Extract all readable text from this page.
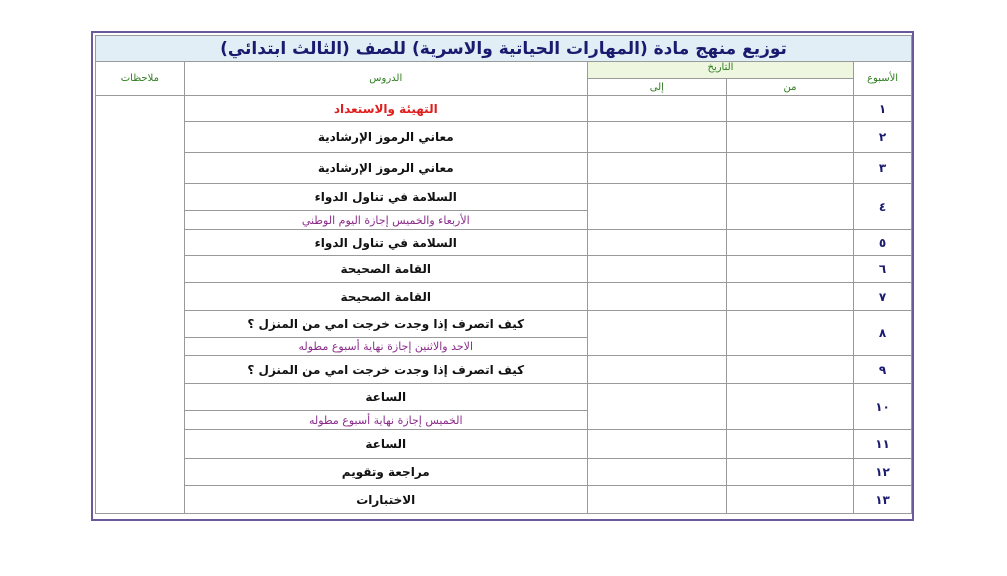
توزيع منهج مادة (المهارات الحياتية والاسرية) للصف (الثالث ابتدائي)				
الأسبوع	التاريخ		الدروس	ملاحظات
	من	إلى		
١			التهيئة والاستعداد	
٢			معاني الرموز الإرشادية	
٣			معاني الرموز الإرشادية	
٤			السلامة في تناول الدواء	
			الأربعاء والخميس إجازة اليوم الوطني	
٥			السلامة في تناول الدواء	
٦			القامة الصحيحة	
٧			القامة الصحيحة	
٨			كيف اتصرف إذا وجدت خرجت امي من المنزل ؟	
			الاحد والاثنين إجازة نهاية أسبوع مطوله	
٩			كيف اتصرف إذا وجدت خرجت امي من المنزل ؟	
١٠			الساعة	
			الخميس إجازة نهاية أسبوع مطوله	
١١			الساعة	
١٢			مراجعة وتقويم	
١٣			الاختبارات	
